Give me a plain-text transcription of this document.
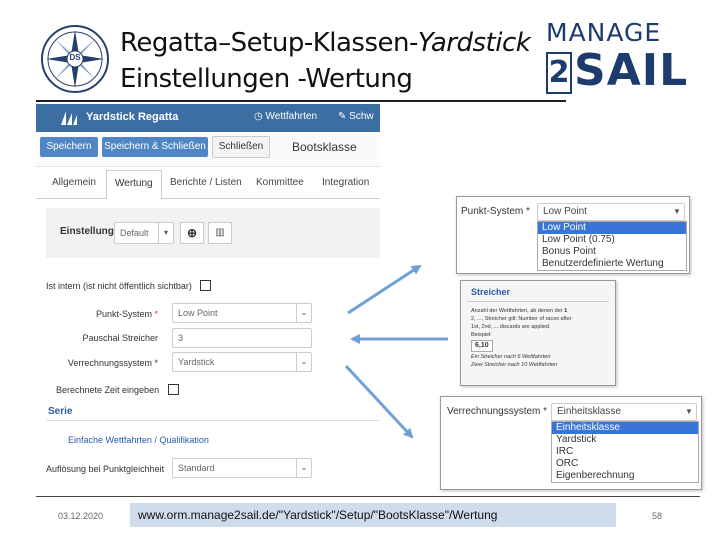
DS Regatta–Setup-Klassen-Yardstick
Einstellungen -Wertung
MANAGE
2 SAIL
Yardstick Regatta	◷ Wettfahrten ✎ Schw
Speichern	Speichern & Schließen	Schließen	Bootsklasse
Allgemein	Wertung	Berichte / Listen Kommittee Integration
Einstellung Default	▾	⊕	▥
Ist intern (ist nicht öffentlich sichtbar)
Punkt-System *	Low Point	⌄
Pauschal Streicher	3
Verrechnungssystem *	Yardstick	⌄
Berechnete Zeit eingeben
Serie
Einfache Wettfahrten / Qualifikation
Auflösung bei Punktgleichheit	Standard	⌄
Punkt-System *	Low Point	▼
Low Point
Low Point (0.75)
Bonus Point
Benutzerdefinierte Wertung
Streicher
Anzahl der Wettfahrten, ab denen der 1
2, ..., Streicher gilt: Number of races after
1st, 2nd, ... discards are applied.
Beispiel:
6,10
Ein Streicher nach 6 Wettfahrten
Zwei Streicher nach 10 Wettfahrten
Verrechnungssystem * Einheitsklasse	▼
Einheitsklasse
Yardstick
IRC
ORC
Eigenberechnung
03.12.2020	www.orm.manage2sail.de/"Yardstick"/Setup/"BootsKlasse"/Wertung	58
